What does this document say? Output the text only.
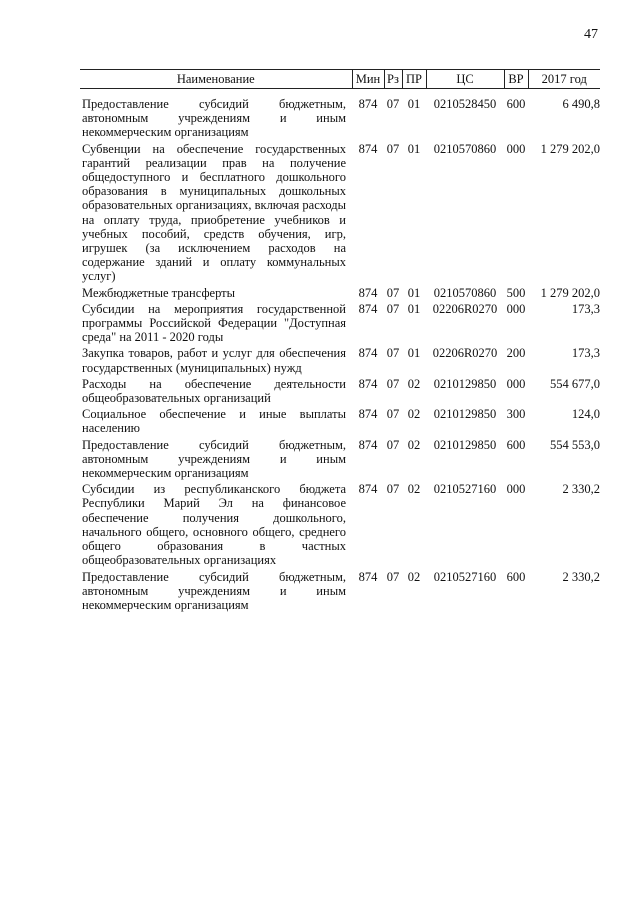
47
Наименование	Мин	Рз	ПР	ЦС	ВР	2017 год

Предоставление субсидий бюджетным, автономным учреждениям и иным некоммерческим организациям	874	07	01	0210528450	600	6 490,8
Субвенции на обеспечение государственных гарантий реализации прав на получение общедоступного и бесплатного дошкольного образования в муниципальных дошкольных образовательных организациях, включая расходы на оплату труда, приобретение учебников и учебных пособий, средств обучения, игр, игрушек (за исключением расходов на содержание зданий и оплату коммунальных услуг)	874	07	01	0210570860	000	1 279 202,0
Межбюджетные трансферты	874	07	01	0210570860	500	1 279 202,0
Субсидии на мероприятия государственной программы Российской Федерации "Доступная среда" на 2011 - 2020 годы	874	07	01	02206R0270	000	173,3
Закупка товаров, работ и услуг для обеспечения государственных (муниципальных) нужд	874	07	01	02206R0270	200	173,3
Расходы на обеспечение деятельности общеобразовательных организаций	874	07	02	0210129850	000	554 677,0
Социальное обеспечение и иные выплаты населению	874	07	02	0210129850	300	124,0
Предоставление субсидий бюджетным, автономным учреждениям и иным некоммерческим организациям	874	07	02	0210129850	600	554 553,0
Субсидии из республиканского бюджета Республики Марий Эл на финансовое обеспечение получения дошкольного, начального общего, основного общего, среднего общего образования в частных общеобразовательных организациях	874	07	02	0210527160	000	2 330,2
Предоставление субсидий бюджетным, автономным учреждениям и иным некоммерческим организациям	874	07	02	0210527160	600	2 330,2
